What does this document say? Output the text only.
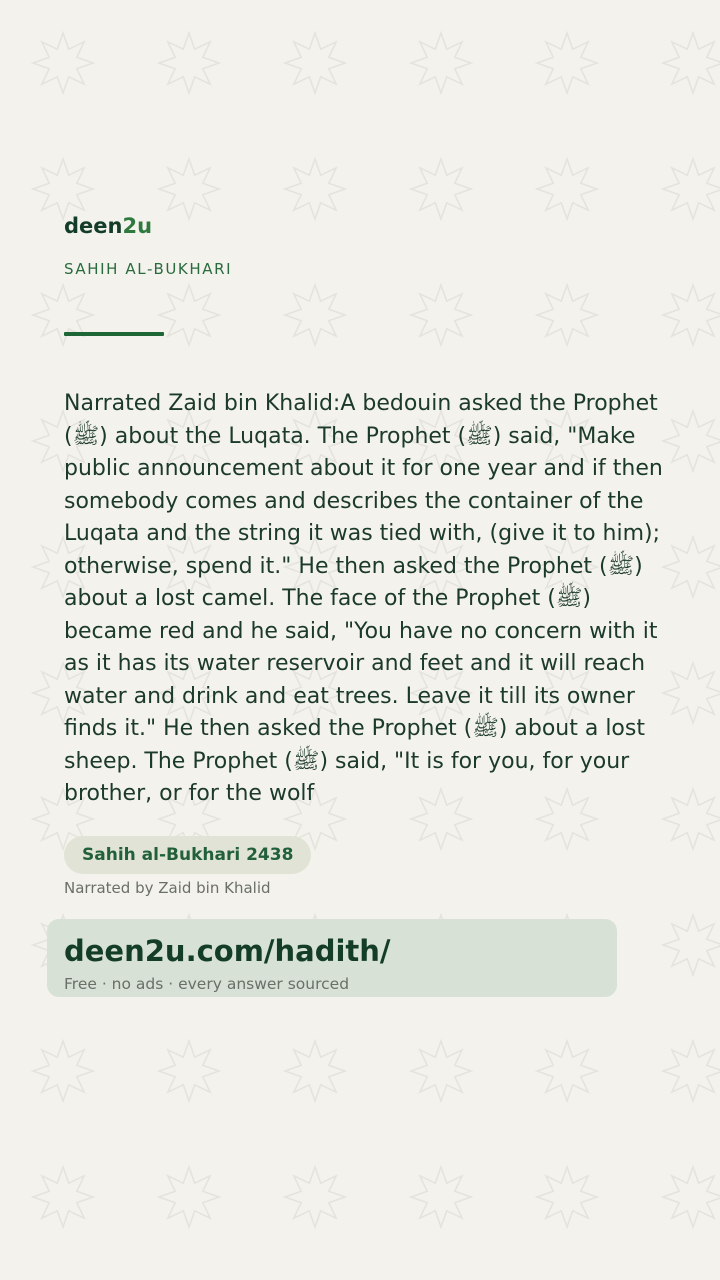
deen2u
SAHIH AL-BUKHARI

Narrated Zaid bin Khalid:A bedouin asked the Prophet (ﷺ) about the Luqata. The Prophet (ﷺ) said, "Make public announcement about it for one year and if then somebody comes and describes the container of the Luqata and the string it was tied with, (give it to him); otherwise, spend it." He then asked the Prophet (ﷺ) about a lost camel. The face of the Prophet (ﷺ) became red and he said, "You have no concern with it as it has its water reservoir and feet and it will reach water and drink and eat trees. Leave it till its owner finds it." He then asked the Prophet (ﷺ) about a lost sheep. The Prophet (ﷺ) said, "It is for you, for your brother, or for the wolf

Sahih al-Bukhari 2438
Narrated by Zaid bin Khalid
deen2u.com/hadith/
Free · no ads · every answer sourced
